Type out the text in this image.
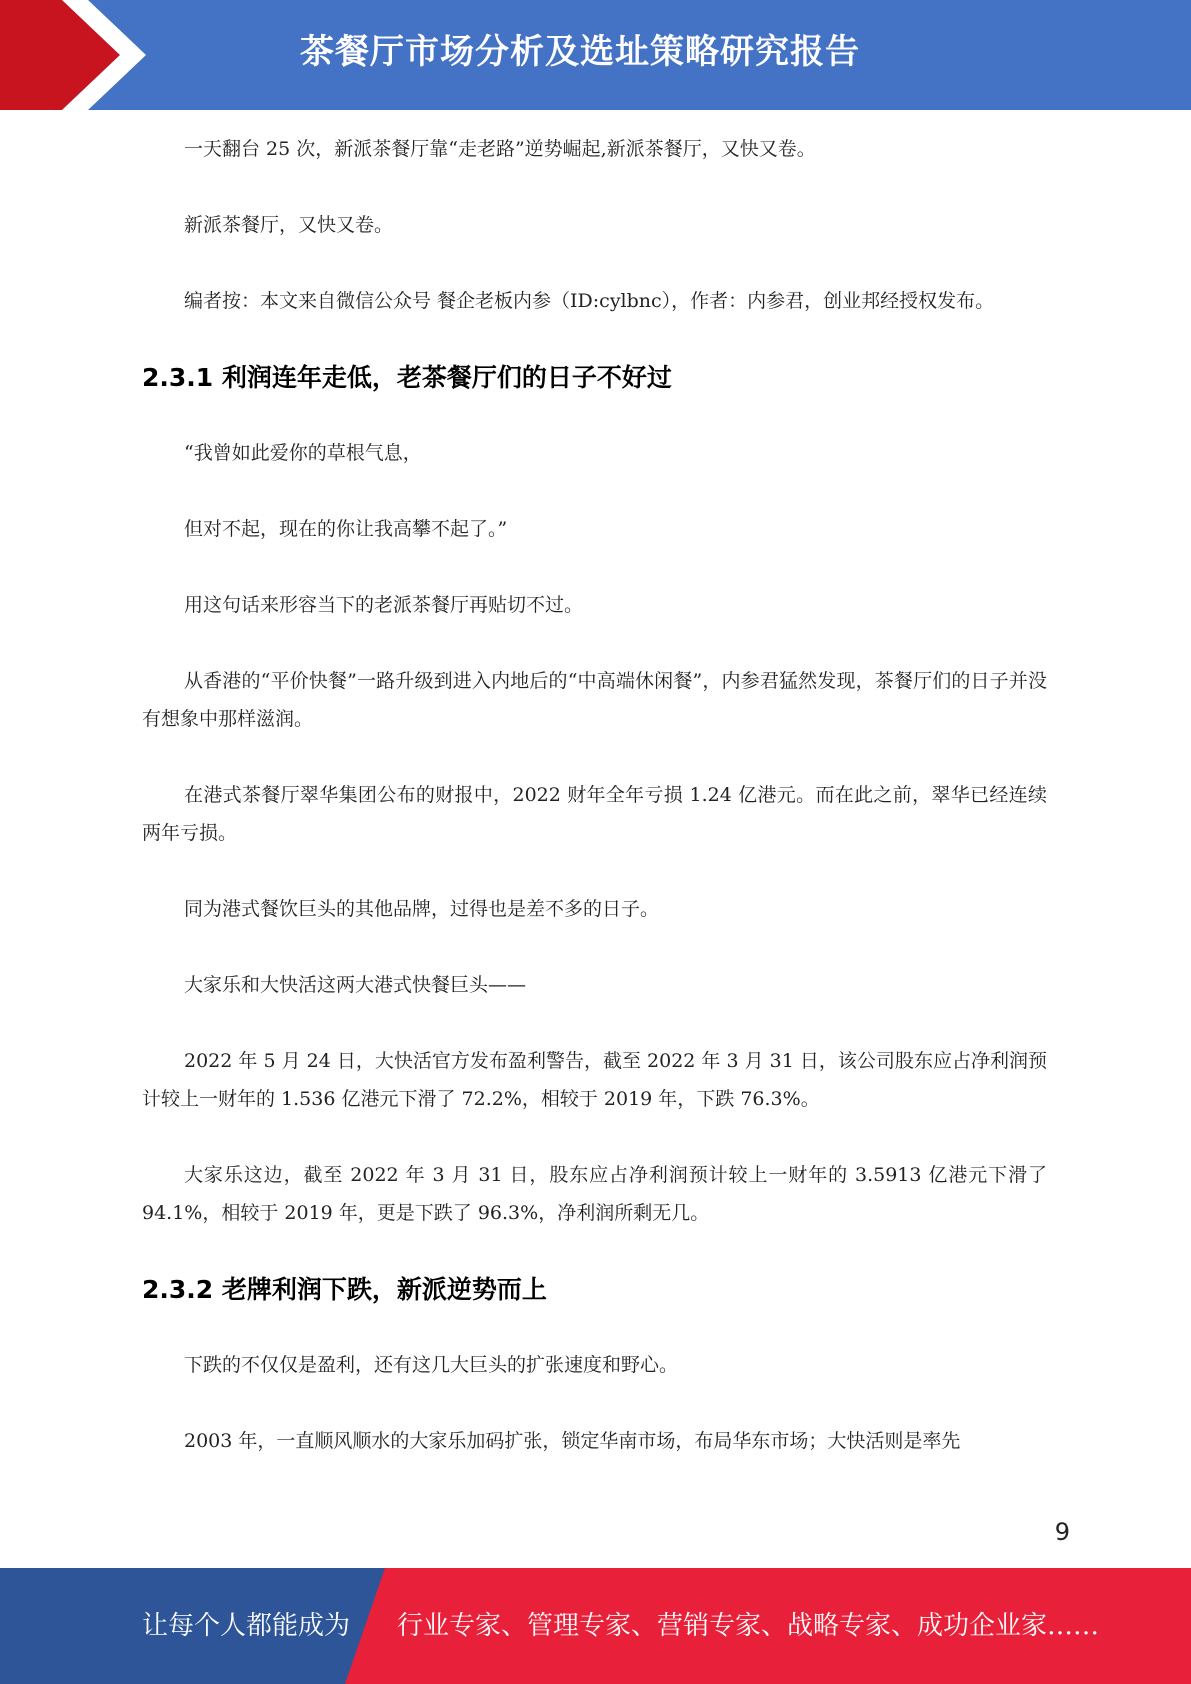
茶餐厅市场分析及选址策略研究报告

一天翻台 25 次，新派茶餐厅靠“走老路”逆势崛起,新派茶餐厅，又快又卷。

新派茶餐厅，又快又卷。

编者按：本文来自微信公众号 餐企老板内参（ID:cylbnc），作者：内参君，创业邦经授权发布。

2.3.1 利润连年走低，老茶餐厅们的日子不好过

“我曾如此爱你的草根气息，

但对不起，现在的你让我高攀不起了。”

用这句话来形容当下的老派茶餐厅再贴切不过。

从香港的“平价快餐”一路升级到进入内地后的“中高端休闲餐”，内参君猛然发现，茶餐厅们的日子并没有想象中那样滋润。

在港式茶餐厅翠华集团公布的财报中，2022 财年全年亏损 1.24 亿港元。而在此之前，翠华已经连续两年亏损。

同为港式餐饮巨头的其他品牌，过得也是差不多的日子。

大家乐和大快活这两大港式快餐巨头——

2022 年 5 月 24 日，大快活官方发布盈利警告，截至 2022 年 3 月 31 日，该公司股东应占净利润预计较上一财年的 1.536 亿港元下滑了 72.2%，相较于 2019 年，下跌 76.3%。

大家乐这边，截至 2022 年 3 月 31 日，股东应占净利润预计较上一财年的 3.5913 亿港元下滑了 94.1%，相较于 2019 年，更是下跌了 96.3%，净利润所剩无几。

2.3.2 老牌利润下跌，新派逆势而上

下跌的不仅仅是盈利，还有这几大巨头的扩张速度和野心。

2003 年，一直顺风顺水的大家乐加码扩张，锁定华南市场，布局华东市场；大快活则是率先

9
让每个人都能成为 行业专家、管理专家、营销专家、战略专家、成功企业家……
